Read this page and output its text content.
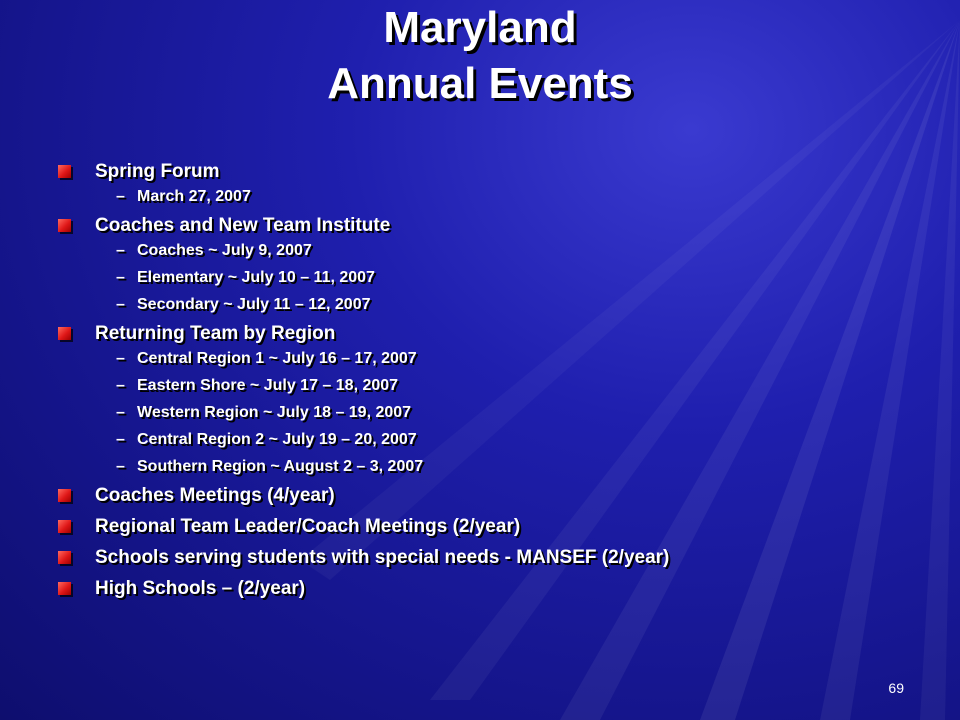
Maryland
Annual Events
Spring Forum
– March 27, 2007
Coaches and New Team Institute
– Coaches ~ July 9, 2007
– Elementary ~ July 10 – 11, 2007
– Secondary ~ July 11 – 12, 2007
Returning Team by Region
– Central Region 1 ~ July 16 – 17, 2007
– Eastern Shore ~ July 17 – 18, 2007
– Western Region ~ July 18 – 19, 2007
– Central Region 2 ~ July 19 – 20, 2007
– Southern Region ~ August 2 – 3, 2007
Coaches Meetings (4/year)
Regional Team Leader/Coach Meetings (2/year)
Schools serving students with special needs - MANSEF (2/year)
High Schools – (2/year)
69
